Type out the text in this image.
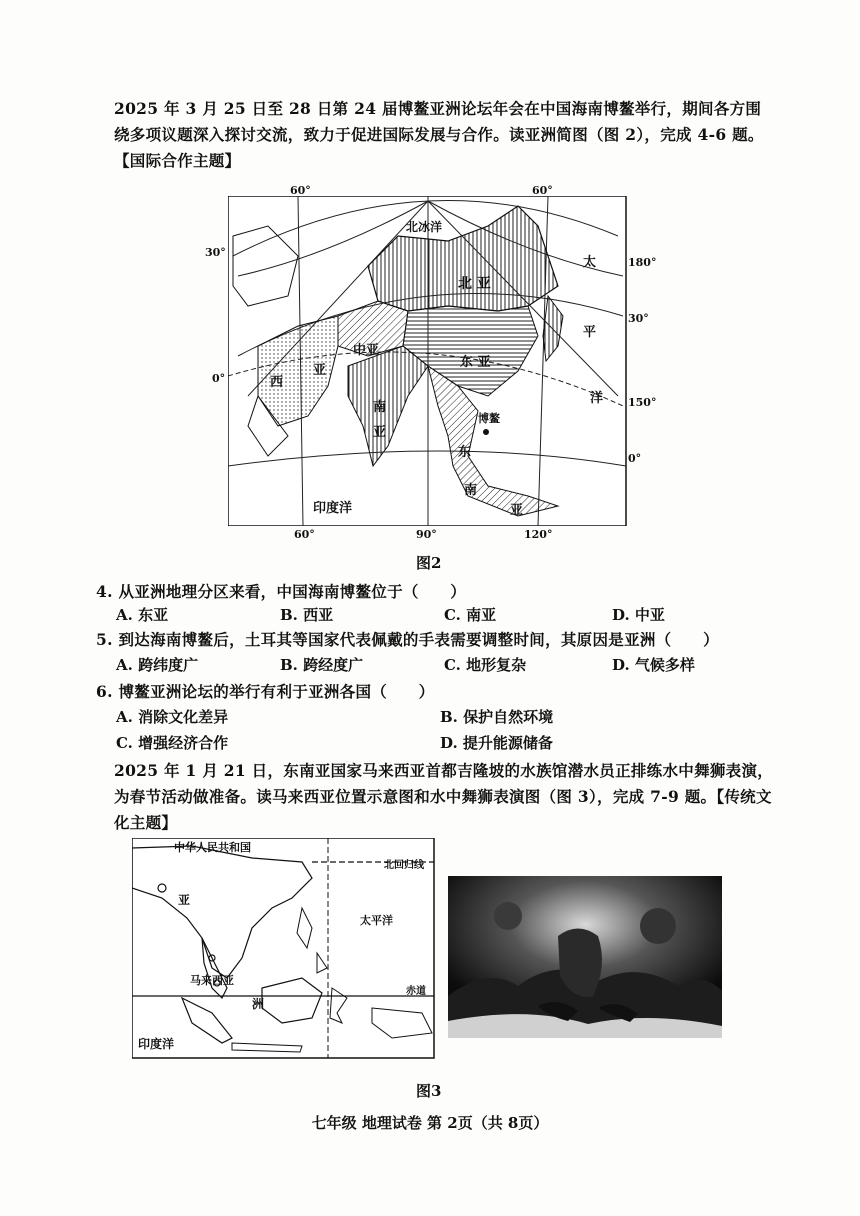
2025 年 3 月 25 日至 28 日第 24 届博鳌亚洲论坛年会在中国海南博鳌举行，期间各方围绕多项议题深入探讨交流，致力于促进国际发展与合作。读亚洲简图（图 2），完成 4-6 题。【国际合作主题】
北冰洋
北 亚
中亚
东 亚
西
亚
南
亚
东
南
亚
博鳌
太
平
洋
印度洋
60°	60°
30°
0°
180°
30°
150°
0°
60°	90°	120°
图2
4. 从亚洲地理分区来看，中国海南博鳌位于（　　）
A. 东亚	B. 西亚	C. 南亚	D. 中亚
5. 到达海南博鳌后，土耳其等国家代表佩戴的手表需要调整时间，其原因是亚洲（　　）
A. 跨纬度广	B. 跨经度广	C. 地形复杂	D. 气候多样
6. 博鳌亚洲论坛的举行有利于亚洲各国（　　）
A. 消除文化差异	B. 保护自然环境
C. 增强经济合作	D. 提升能源储备
2025 年 1 月 21 日，东南亚国家马来西亚首都吉隆坡的水族馆潜水员正排练水中舞狮表演，为春节活动做准备。读马来西亚位置示意图和水中舞狮表演图（图 3），完成 7-9 题。【传统文化主题】
中华人民共和国
北回归线
太平洋
马来西亚
赤道
印度洋
亚
洲
图3
七年级 地理试卷 第 2页（共 8页）
